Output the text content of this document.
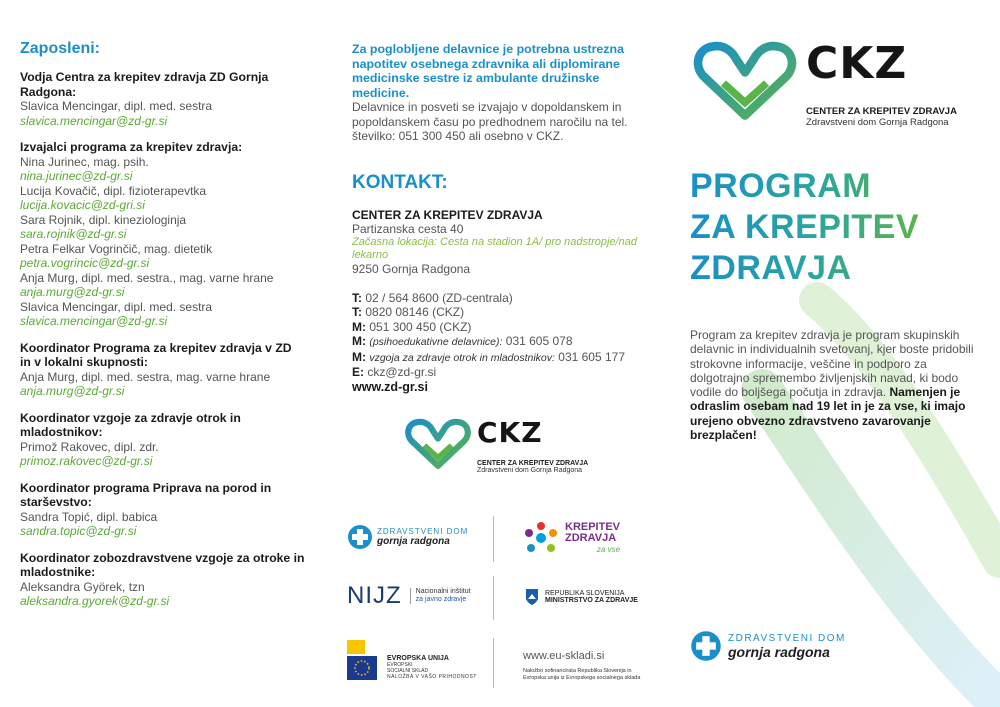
Zaposleni:
Vodja Centra za krepitev zdravja ZD Gornja Radgona:
Slavica Mencingar, dipl. med. sestra
slavica.mencingar@zd-gr.si
Izvajalci programa za krepitev zdravja:
Nina Jurinec, mag. psih.
nina.jurinec@zd-gr.si
Lucija Kovačič, dipl. fizioterapevtka
lucija.kovacic@zd-gri.si
Sara Rojnik, dipl. kineziologinja
sara.rojnik@zd-gr.si
Petra Felkar Vogrinčič, mag. dietetik
petra.vogrincic@zd-gr.si
Anja Murg, dipl. med. sestra., mag. varne hrane
anja.murg@zd-gr.si
Slavica Mencingar, dipl. med. sestra
slavica.mencingar@zd-gr.si
Koordinator Programa za krepitev zdravja v ZD in v lokalni skupnosti:
Anja Murg, dipl. med. sestra, mag. varne hrane
anja.murg@zd-gr.si
Koordinator vzgoje za zdravje otrok in mladostnikov:
Primož Rakovec, dipl. zdr.
primoz.rakovec@zd-gr.si
Koordinator programa Priprava na porod in starševstvo:
Sandra Topić, dipl. babica
sandra.topic@zd-gr.si
Koordinator zobozdravstvene vzgoje za otroke in mladostnike:
Aleksandra Györek, tzn
aleksandra.gyorek@zd-gr.si
Za poglobljene delavnice je potrebna ustrezna napotitev osebnega zdravnika ali diplomirane medicinske sestre iz ambulante družinske medicine.
Delavnice in posveti se izvajajo v dopoldanskem in popoldanskem času po predhodnem naročilu na tel. številko: 051 300 450 ali osebno v CKZ.
KONTAKT:
CENTER ZA KREPITEV ZDRAVJA
Partizanska cesta 40
Začasna lokacija: Cesta na stadion 1A/ pro nadstropje/nad lekarno
9250 Gornja Radgona
T: 02 / 564 8600 (ZD-centrala)
T: 0820 08146 (CKZ)
M: 051 300 450 (CKZ)
M: (psihoedukativne delavnice): 031 605 078
M: vzgoja za zdravje otrok in mladostnikov: 031 605 177
E: ckz@zd-gr.si
www.zd-gr.si
CKZ
CENTER ZA KREPITEV ZDRAVJA
Zdravstveni dom Gornja Radgona
ZDRAVSTVENI DOM
gornja radgona
KREPITEV
ZDRAVJA
za vse
NIJZ Nacionalni inštitut
za javno zdravje
REPUBLIKA SLOVENIJA
MINISTRSTVO ZA ZDRAVJE
EVROPSKA UNIJA
EVROPSKI
SOCIALNI SKLAD
NALOŽBA V VAŠO PRIHODNOST
www.eu-skladi.si
Naložbo sofinancirata Republika Slovenija in Evropska unija iz Evropskega socialnega sklada
CKZ
CENTER ZA KREPITEV ZDRAVJA
Zdravstveni dom Gornja Radgona
PROGRAM
ZA KREPITEV
ZDRAVJA
Program za krepitev zdravja je program skupinskih delavnic in individualnih svetovanj, kjer boste pridobili strokovne informacije, veščine in podporo za dolgotrajno spremembo življenjskih navad, ki bodo vodile do boljšega počutja in zdravja. Namenjen je odraslim osebam nad 19 let in je za vse, ki imajo urejeno obvezno zdravstveno zavarovanje brezplačen!
ZDRAVSTVENI DOM
gornja radgona
